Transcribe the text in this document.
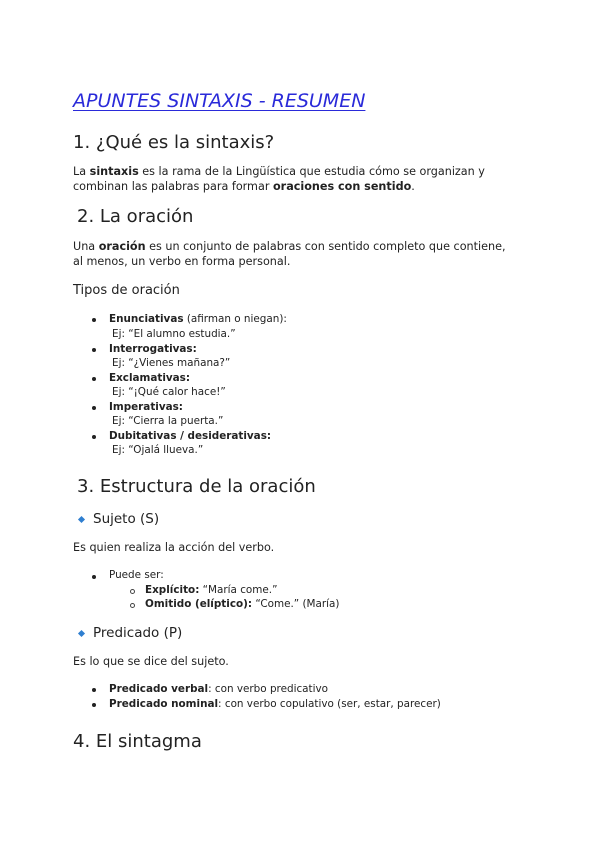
APUNTES SINTAXIS - RESUMEN
1. ¿Qué es la sintaxis?
La sintaxis es la rama de la Lingüística que estudia cómo se organizan y
combinan las palabras para formar oraciones con sentido.
2. La oración
Una oración es un conjunto de palabras con sentido completo que contiene,
al menos, un verbo en forma personal.
Tipos de oración
Enunciativas (afirman o niegan):
Ej: “El alumno estudia.”
Interrogativas:
Ej: “¿Vienes mañana?”
Exclamativas:
Ej: “¡Qué calor hace!”
Imperativas:
Ej: “Cierra la puerta.”
Dubitativas / desiderativas:
Ej: “Ojalá llueva.”
3. Estructura de la oración
Sujeto (S)
Es quien realiza la acción del verbo.
Puede ser:
Explícito: “María come.”
Omitido (elíptico): “Come.” (María)
Predicado (P)
Es lo que se dice del sujeto.
Predicado verbal: con verbo predicativo
Predicado nominal: con verbo copulativo (ser, estar, parecer)
4. El sintagma
